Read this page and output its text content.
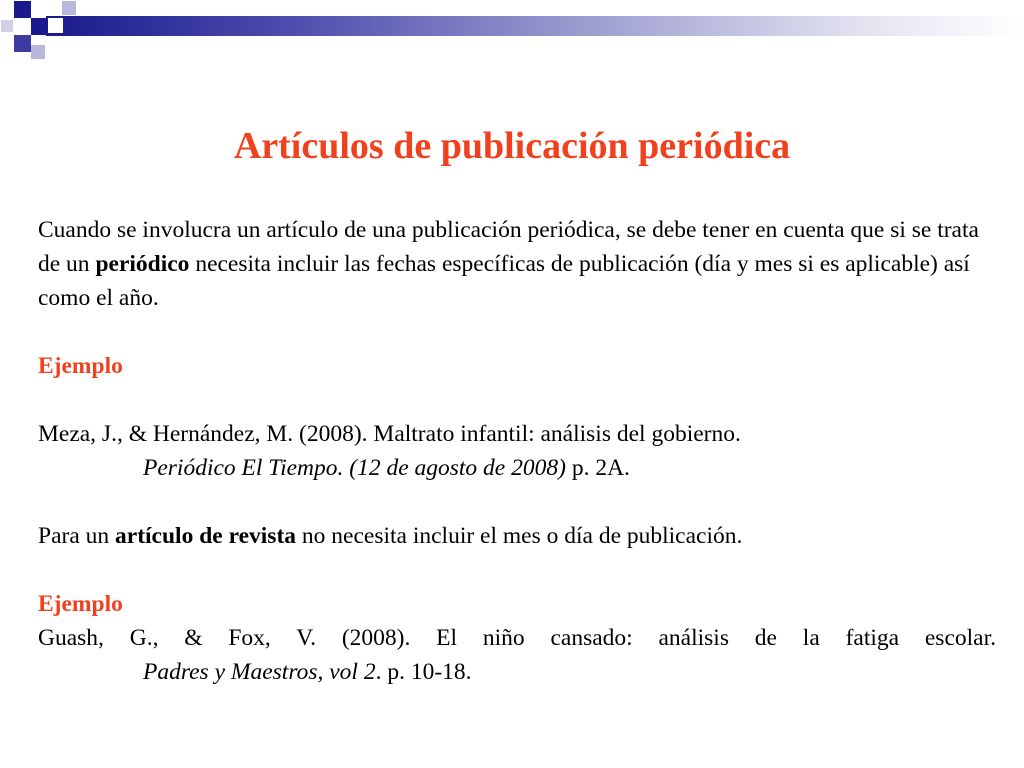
Artículos de publicación periódica

Cuando se involucra un artículo de una publicación periódica, se debe tener en cuenta que si se trata de un periódico necesita incluir las fechas específicas de publicación (día y mes si es aplicable) así como el año.

Ejemplo

Meza, J., & Hernández, M. (2008). Maltrato infantil: análisis del gobierno.

Periódico El Tiempo. (12 de agosto de 2008) p. 2A.

Para un artículo de revista no necesita incluir el mes o día de publicación.

Ejemplo

Guash, G., & Fox, V. (2008). El niño cansado: análisis de la fatiga escolar.

Padres y Maestros, vol 2. p. 10-18.
